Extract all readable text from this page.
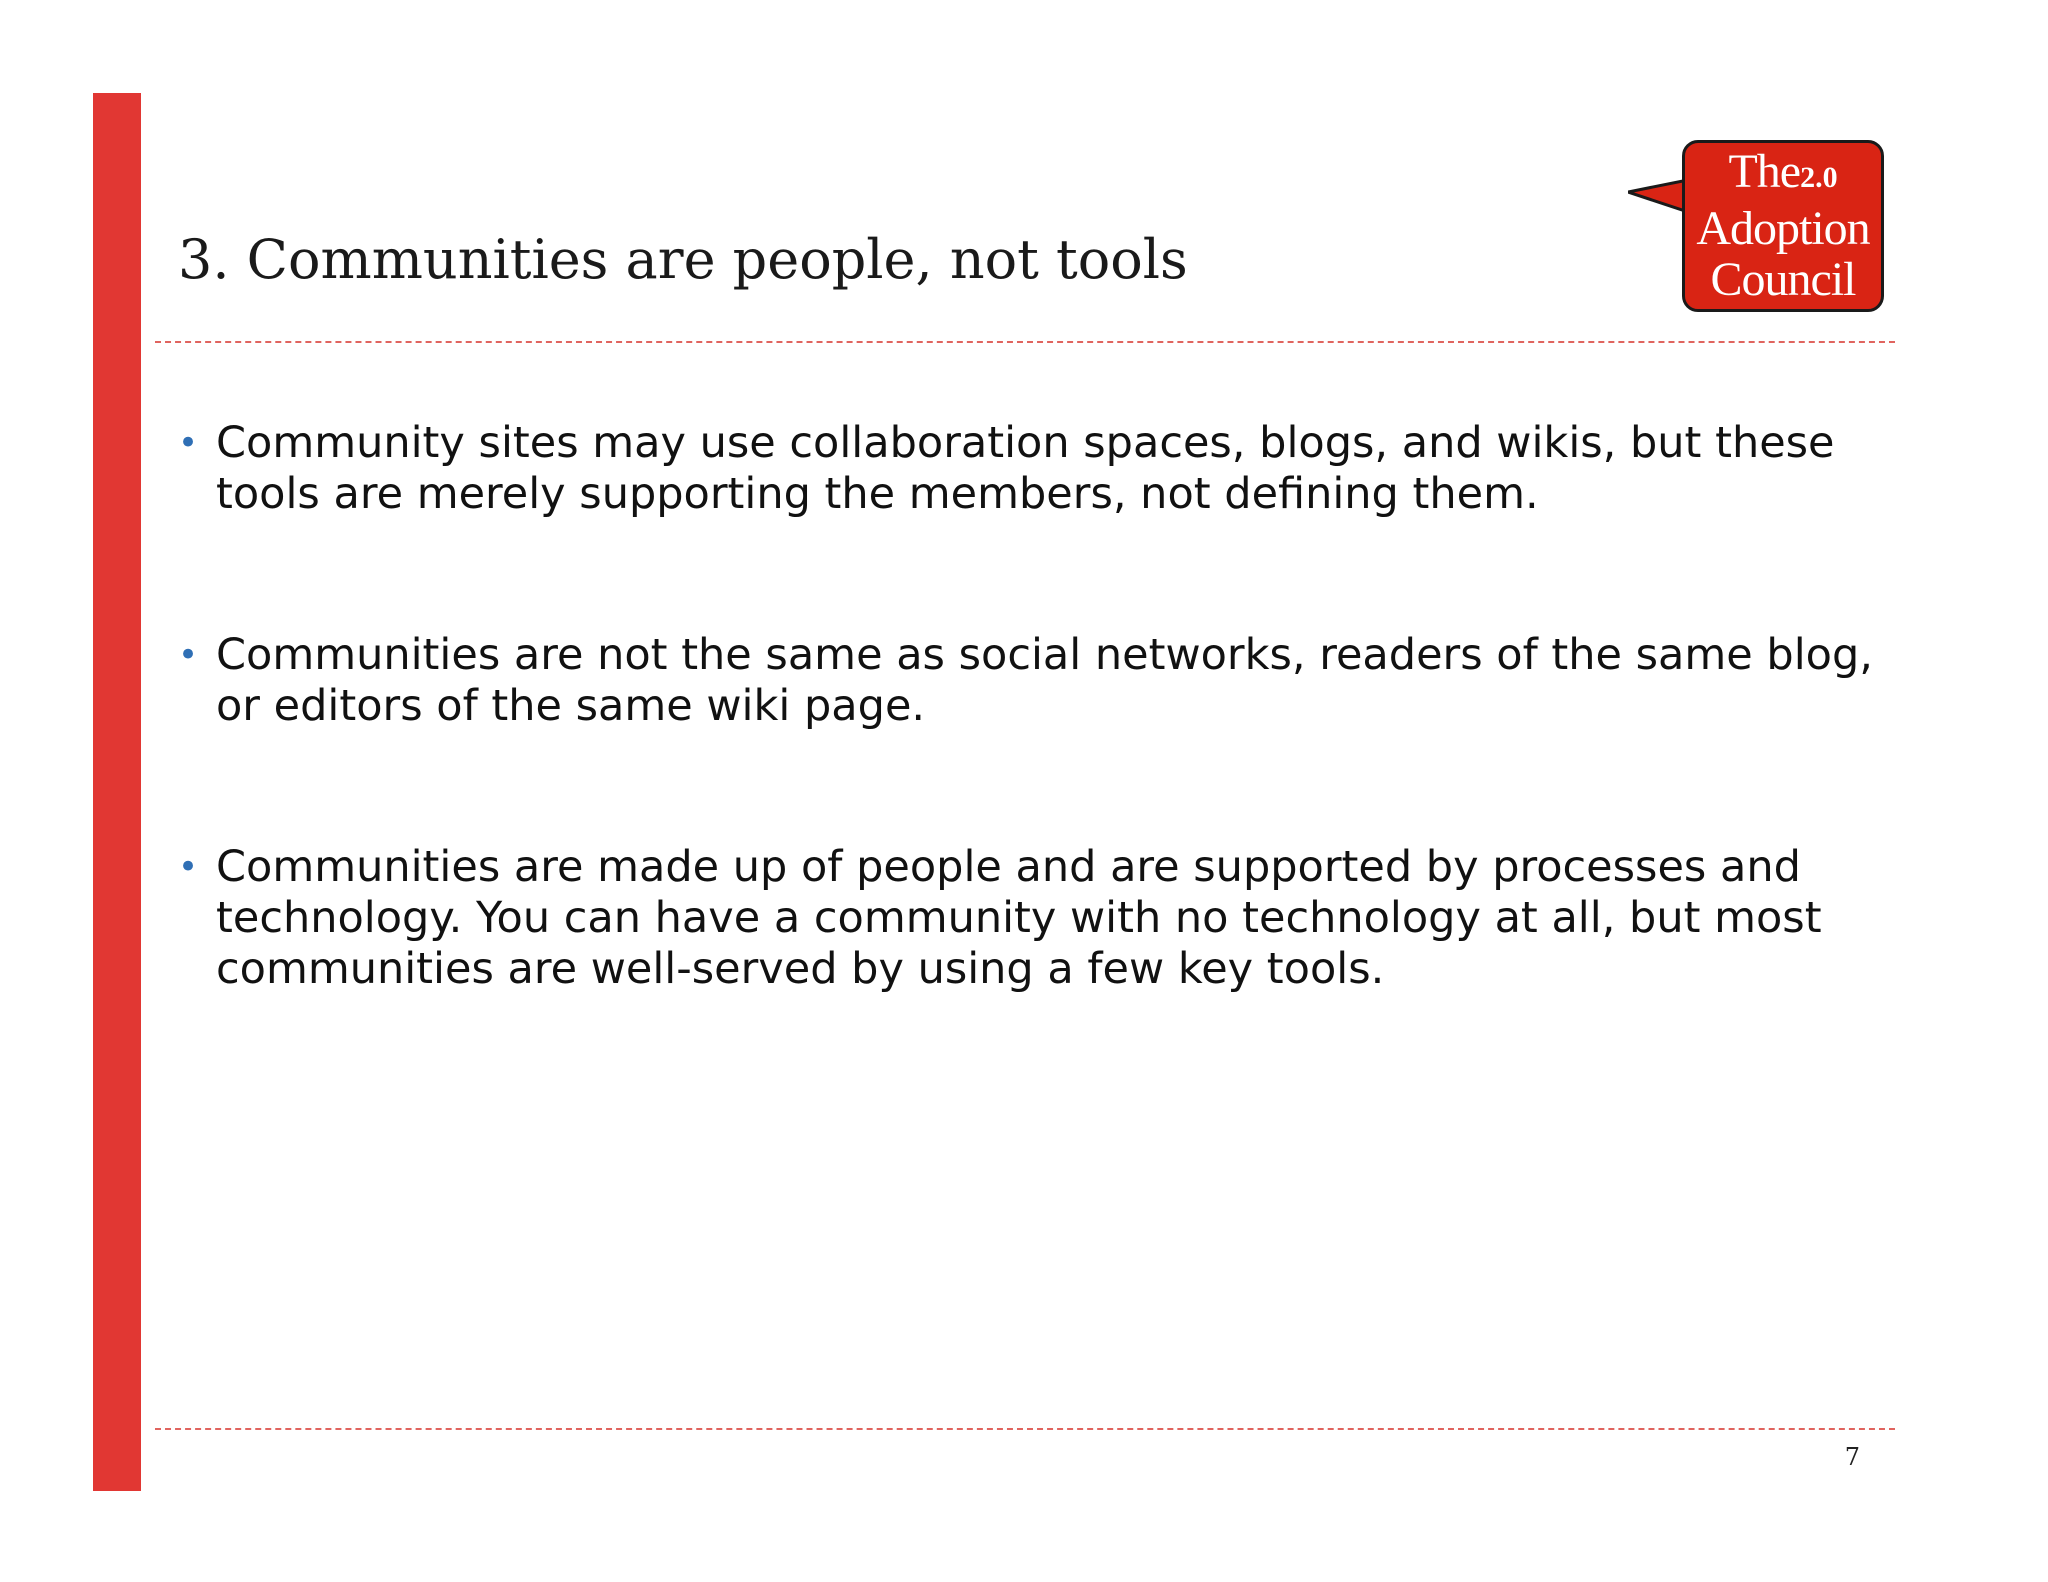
3. Communities are people, not tools
The2.0
Adoption
Council
• Community sites may use collaboration spaces, blogs, and wikis, but these tools are merely supporting the members, not defining them.
• Communities are not the same as social networks, readers of the same blog, or editors of the same wiki page.
• Communities are made up of people and are supported by processes and technology. You can have a community with no technology at all, but most communities are well-served by using a few key tools.
7
